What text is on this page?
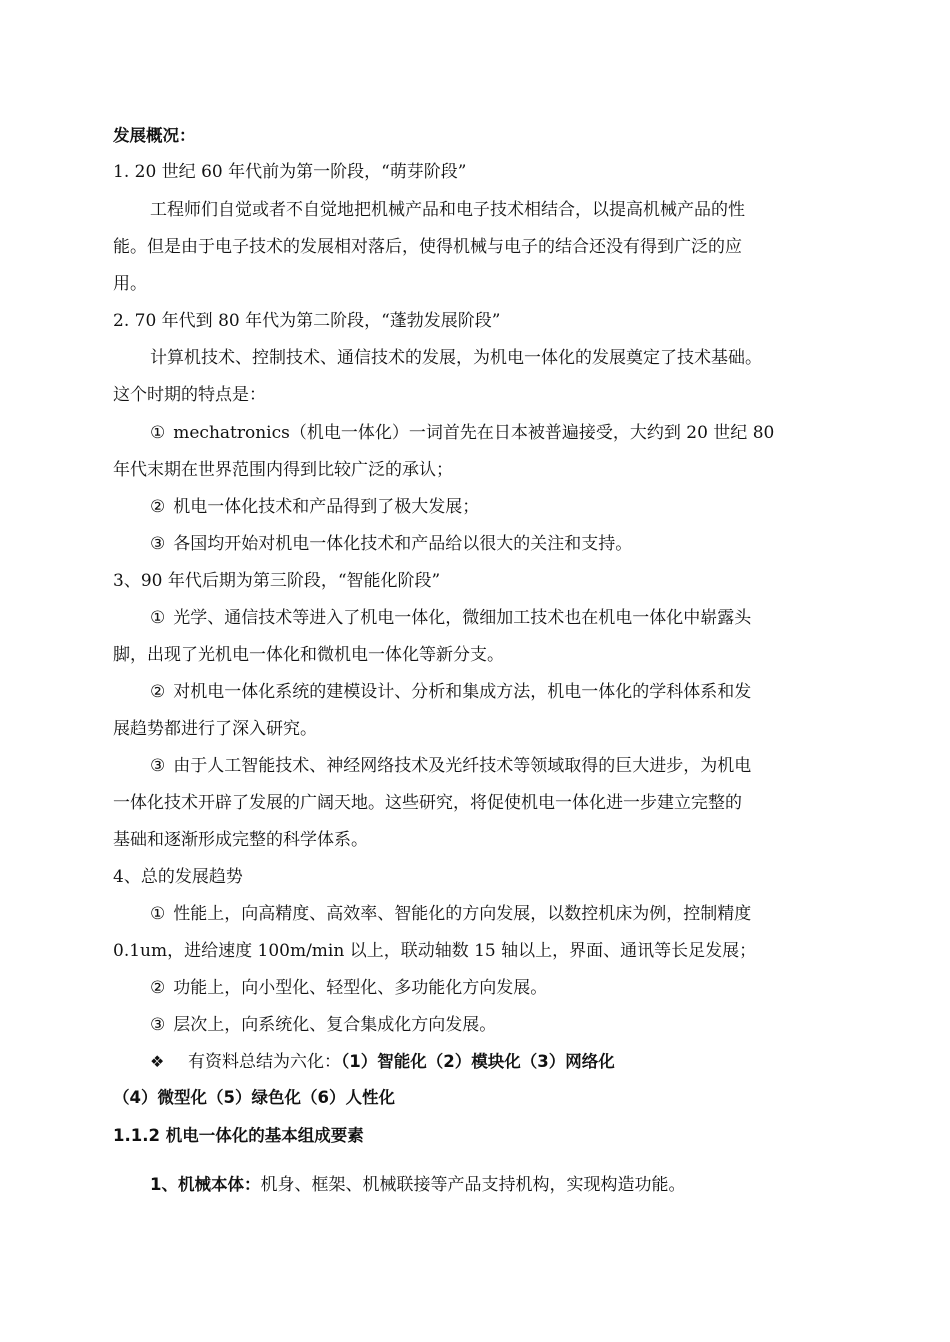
发展概况：
1. 20 世纪 60 年代前为第一阶段，“萌芽阶段”
工程师们自觉或者不自觉地把机械产品和电子技术相结合，以提高机械产品的性
能。但是由于电子技术的发展相对落后，使得机械与电子的结合还没有得到广泛的应
用。
2. 70 年代到 80 年代为第二阶段，“蓬勃发展阶段”
计算机技术、控制技术、通信技术的发展，为机电一体化的发展奠定了技术基础。
这个时期的特点是：
① mechatronics（机电一体化）一词首先在日本被普遍接受，大约到 20 世纪 80
年代末期在世界范围内得到比较广泛的承认；
② 机电一体化技术和产品得到了极大发展；
③ 各国均开始对机电一体化技术和产品给以很大的关注和支持。
3、90 年代后期为第三阶段，“智能化阶段”
① 光学、通信技术等进入了机电一体化，微细加工技术也在机电一体化中崭露头
脚，出现了光机电一体化和微机电一体化等新分支。
② 对机电一体化系统的建模设计、分析和集成方法，机电一体化的学科体系和发
展趋势都进行了深入研究。
③ 由于人工智能技术、神经网络技术及光纤技术等领域取得的巨大进步，为机电
一体化技术开辟了发展的广阔天地。这些研究，将促使机电一体化进一步建立完整的
基础和逐渐形成完整的科学体系。
4、总的发展趋势
① 性能上，向高精度、高效率、智能化的方向发展，以数控机床为例，控制精度
0.1um，进给速度 100m/min 以上，联动轴数 15 轴以上，界面、通讯等长足发展；
② 功能上，向小型化、轻型化、多功能化方向发展。
③ 层次上，向系统化、复合集成化方向发展。
❖ 有资料总结为六化：（1）智能化（2）模块化（3）网络化
（4）微型化（5）绿色化（6）人性化
1.1.2 机电一体化的基本组成要素
1、机械本体：机身、框架、机械联接等产品支持机构，实现构造功能。
